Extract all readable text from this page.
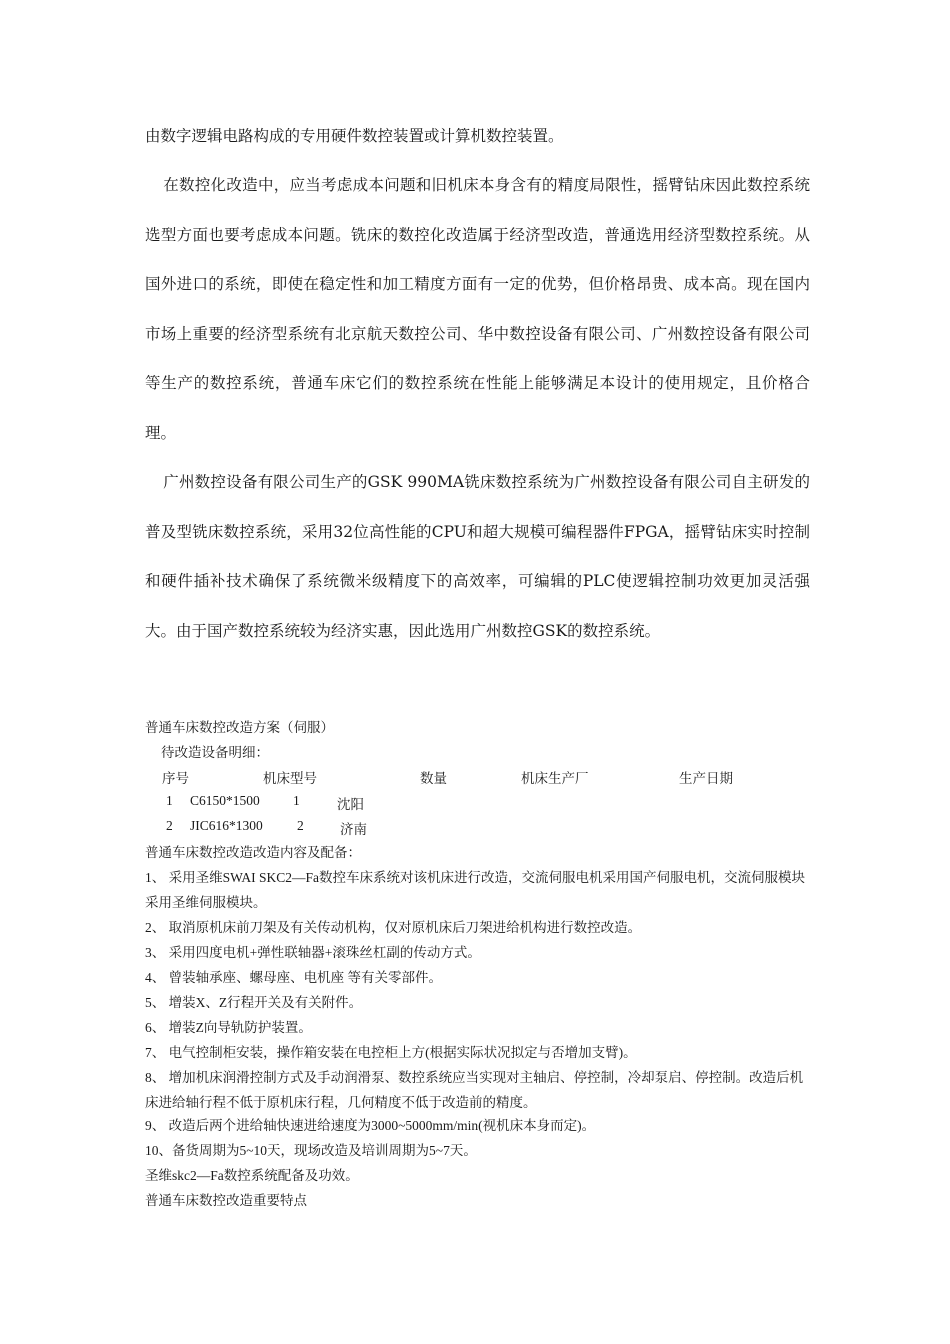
由数字逻辑电路构成的专用硬件数控装置或计算机数控装置。

在数控化改造中，应当考虑成本问题和旧机床本身含有的精度局限性，摇臂钻床因此数控系统选型方面也要考虑成本问题。铣床的数控化改造属于经济型改造，普通选用经济型数控系统。从国外进口的系统，即使在稳定性和加工精度方面有一定的优势，但价格昂贵、成本高。现在国内市场上重要的经济型系统有北京航天数控公司、华中数控设备有限公司、广州数控设备有限公司等生产的数控系统，普通车床它们的数控系统在性能上能够满足本设计的使用规定，且价格合理。

广州数控设备有限公司生产的GSK 990MA铣床数控系统为广州数控设备有限公司自主研发的普及型铣床数控系统，采用32位高性能的CPU和超大规模可编程器件FPGA，摇臂钻床实时控制和硬件插补技术确保了系统微米级精度下的高效率，可编辑的PLC使逻辑控制功效更加灵活强大。由于国产数控系统较为经济实惠，因此选用广州数控GSK的数控系统。

普通车床数控改造方案（伺服）
待改造设备明细：
序号	机床型号	数量	机床生产厂	生产日期
1 C6150*1500 1	沈阳
2 JIC616*1300	2	济南
普通车床数控改造改造内容及配备：
1、 采用圣维SWAI SKC2—Fa数控车床系统对该机床进行改造，交流伺服电机采用国产伺服电机，交流伺服模块采用圣维伺服模块。
2、 取消原机床前刀架及有关传动机构，仅对原机床后刀架进给机构进行数控改造。
3、 采用四度电机+弹性联轴器+滚珠丝杠副的传动方式。
4、 曾装轴承座、螺母座、电机座 等有关零部件。
5、 增装X、Z行程开关及有关附件。
6、 增装Z向导轨防护装置。
7、 电气控制柜安装，操作箱安装在电控柜上方(根据实际状况拟定与否增加支臂)。
8、 增加机床润滑控制方式及手动润滑泵、数控系统应当实现对主轴启、停控制，冷却泵启、停控制。改造后机床进给轴行程不低于原机床行程，几何精度不低于改造前的精度。
9、 改造后两个进给轴快速进给速度为3000~5000mm/min(视机床本身而定)。
10、备货周期为5~10天，现场改造及培训周期为5~7天。
圣维skc2—Fa数控系统配备及功效。
普通车床数控改造重要特点
